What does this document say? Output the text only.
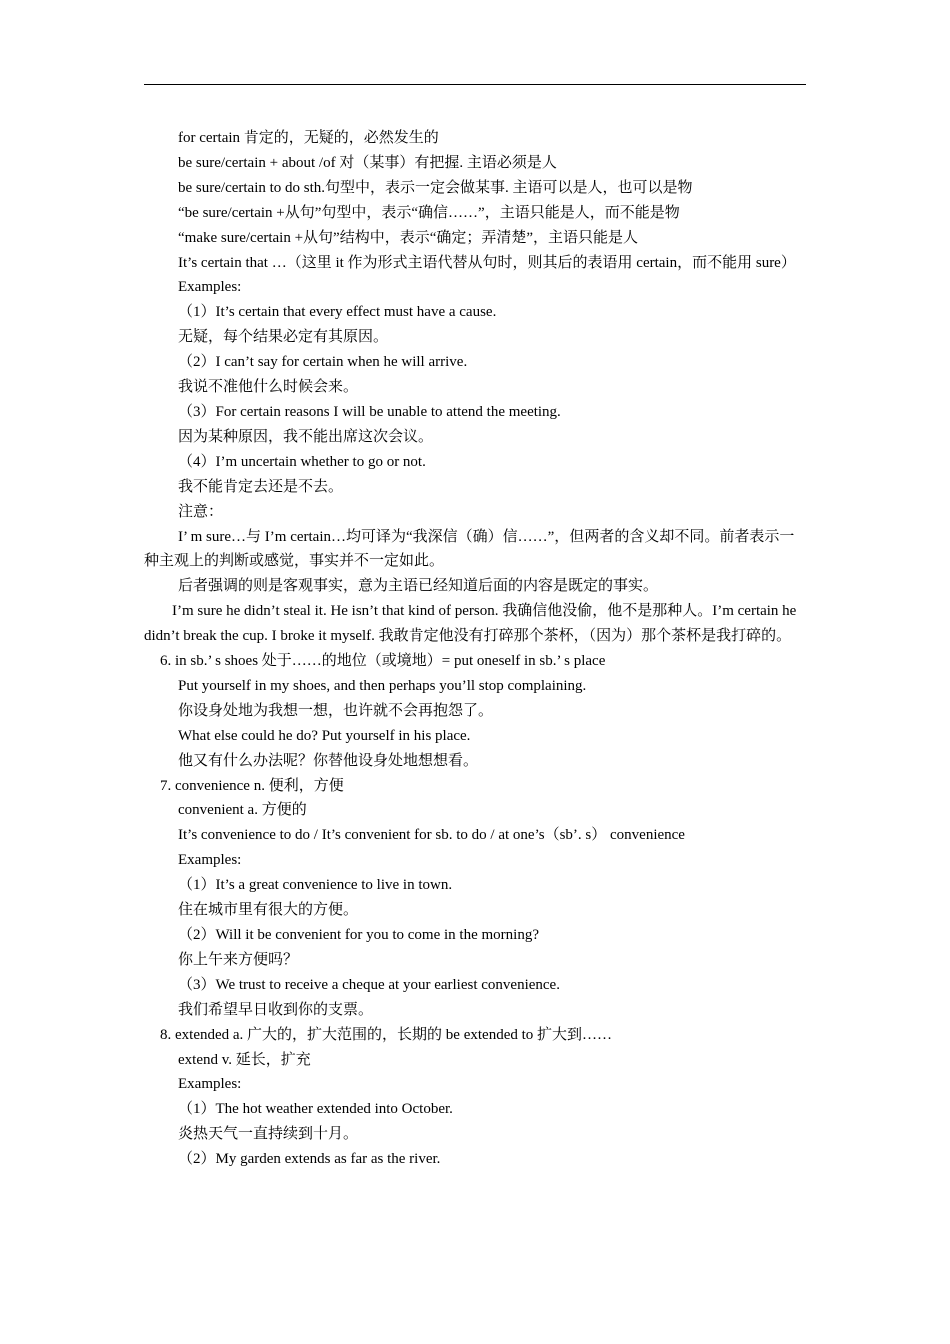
for certain 肯定的，无疑的，必然发生的

be sure/certain + about /of 对（某事）有把握. 主语必须是人

be sure/certain to do sth.句型中，表示一定会做某事. 主语可以是人，也可以是物

“be sure/certain +从句”句型中，表示“确信……”，主语只能是人，而不能是物

“make sure/certain +从句”结构中，表示“确定；弄清楚”，主语只能是人

It’s certain that …（这里 it 作为形式主语代替从句时，则其后的表语用 certain，而不能用 sure）

Examples:

（1）It’s certain that every effect must have a cause.

无疑，每个结果必定有其原因。

（2）I can’t say for certain when he will arrive.

我说不准他什么时候会来。

（3）For certain reasons I will be unable to attend the meeting.

因为某种原因，我不能出席这次会议。

（4）I’m uncertain whether to go or not.

我不能肯定去还是不去。

注意：

I’ m sure…与 I’m certain…均可译为“我深信（确）信……”，但两者的含义却不同。前者表示一种主观上的判断或感觉，事实并不一定如此。

后者强调的则是客观事实，意为主语已经知道后面的内容是既定的事实。

I’m sure he didn’t steal it. He isn’t that kind of person. 我确信他没偷，他不是那种人。I’m certain he didn’t break the cup. I broke it myself. 我敢肯定他没有打碎那个茶杯，（因为）那个茶杯是我打碎的。

6. in sb.’ s shoes 处于……的地位（或境地）= put oneself in sb.’ s place

Put yourself in my shoes, and then perhaps you’ll stop complaining.

你设身处地为我想一想，也许就不会再抱怨了。

What else could he do? Put yourself in his place.

他又有什么办法呢？你替他设身处地想想看。

7. convenience n. 便利，方便

convenient a. 方便的

It’s convenience to do / It’s convenient for sb. to do / at one’s（sb’. s） convenience

Examples:

（1）It’s a great convenience to live in town.

住在城市里有很大的方便。

（2）Will it be convenient for you to come in the morning?

你上午来方便吗？

（3）We trust to receive a cheque at your earliest convenience.

我们希望早日收到你的支票。

8. extended a. 广大的，扩大范围的，长期的 be extended to 扩大到……

extend v. 延长，扩充

Examples:

（1）The hot weather extended into October.

炎热天气一直持续到十月。

（2）My garden extends as far as the river.
